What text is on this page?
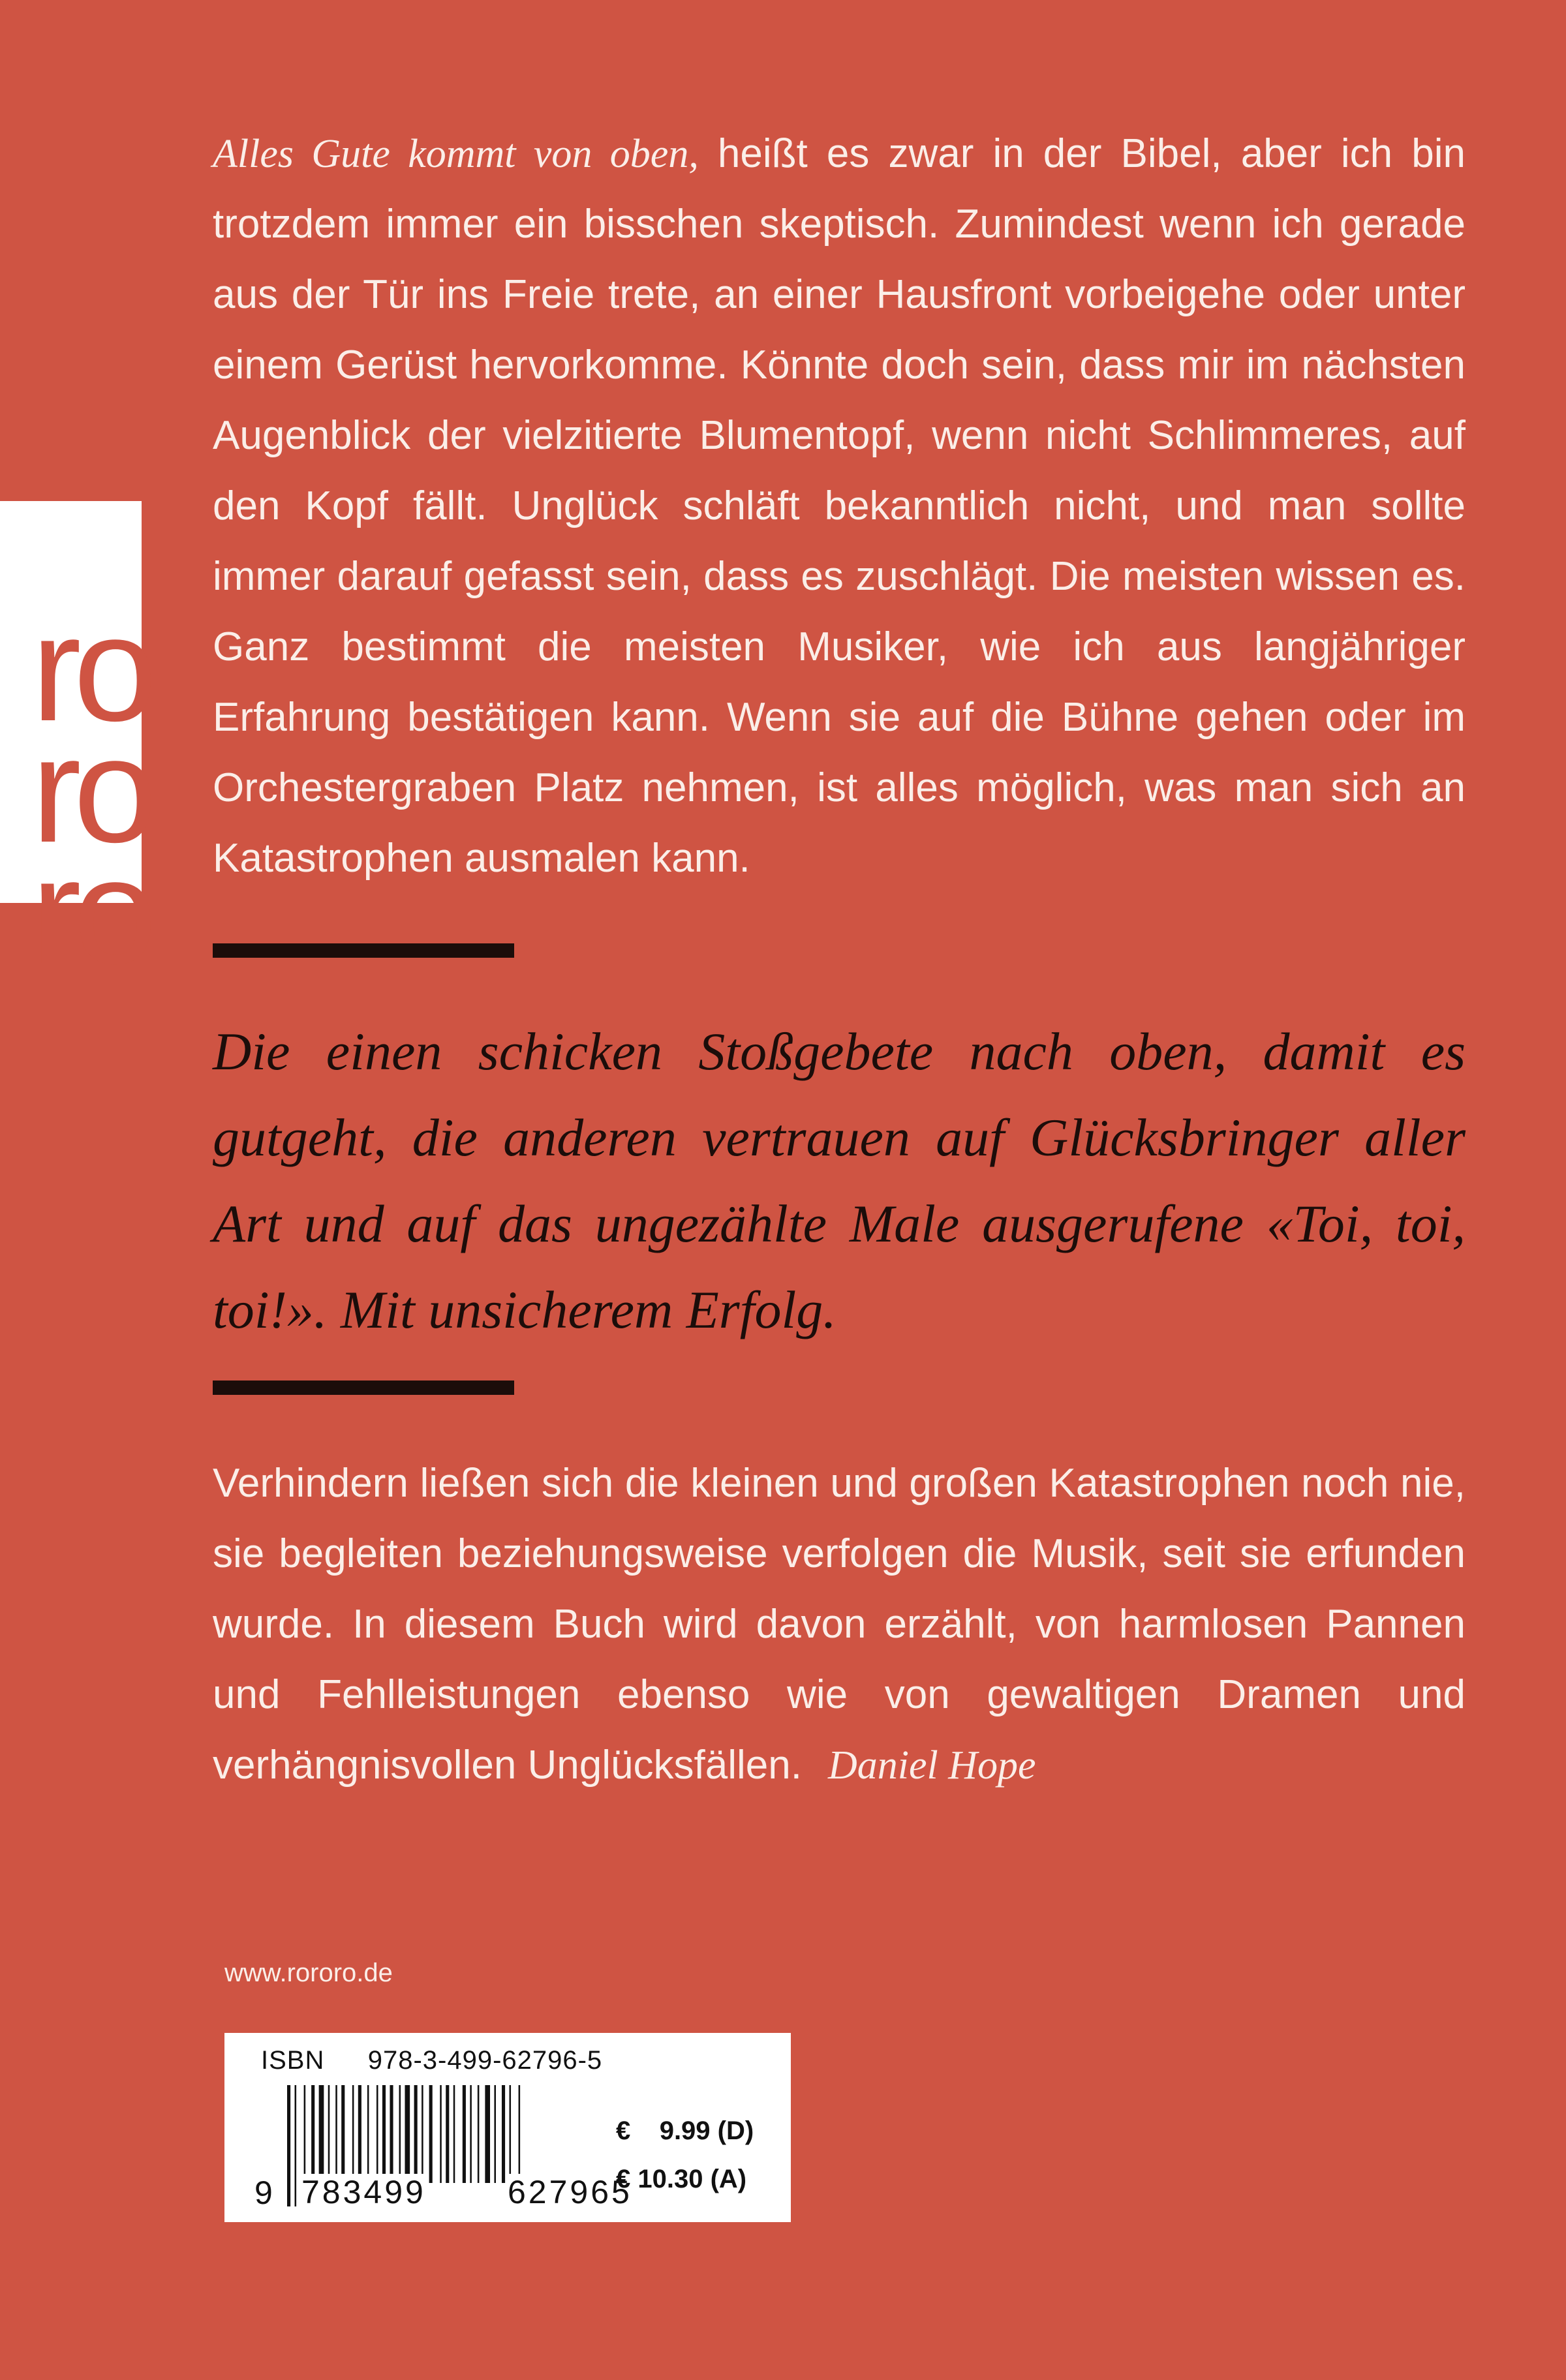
ro
ro
ro
Alles Gute kommt von oben, heißt es zwar in der Bibel, aber ich bin trotzdem immer ein bisschen skeptisch. Zumindest wenn ich gerade aus der Tür ins Freie trete, an einer Hausfront vorbeigehe oder unter einem Gerüst hervorkomme. Könnte doch sein, dass mir im nächsten Augenblick der vielzitierte Blumentopf, wenn nicht Schlimmeres, auf den Kopf fällt. Unglück schläft bekanntlich nicht, und man sollte immer darauf gefasst sein, dass es zuschlägt. Die meisten wissen es. Ganz bestimmt die meisten Musiker, wie ich aus langjähriger Erfahrung bestätigen kann. Wenn sie auf die Bühne gehen oder im Orchestergraben Platz nehmen, ist alles möglich, was man sich an Katastrophen ausmalen kann.
Die einen schicken Stoßgebete nach oben, damit es gutgeht, die anderen vertrauen auf Glücksbringer aller Art und auf das ungezählte Male ausgerufene «Toi, toi, toi!». Mit unsicherem Erfolg.
Verhindern ließen sich die kleinen und großen Katastrophen noch nie, sie begleiten beziehungsweise verfolgen die Musik, seit sie erfunden wurde. In diesem Buch wird davon erzählt, von harmlosen Pannen und Fehlleistungen ebenso wie von gewaltigen Dramen und verhängnisvollen Unglücksfällen. Daniel Hope
www.rororo.de
ISBN   978-3-499-62796-5
9 783499	627965
€    9.99 (D)
€ 10.30 (A)
